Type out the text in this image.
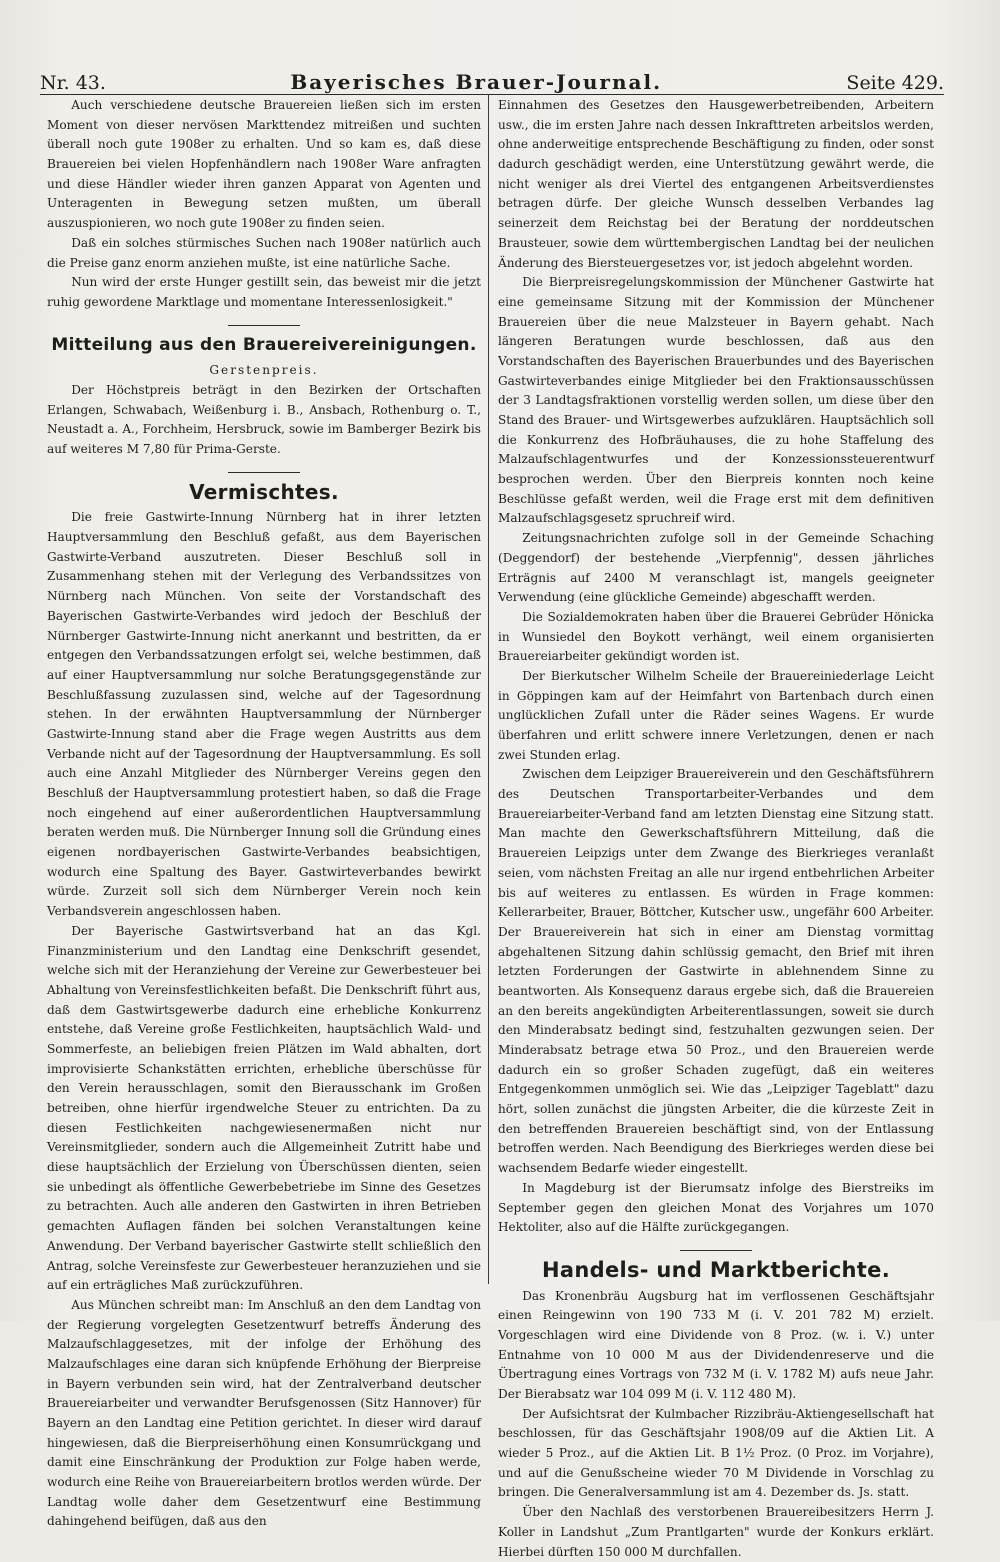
Nr. 43.	Bayerisches Brauer-Journal.	Seite 429.

Auch verschiedene deutsche Brauereien ließen sich im ersten Moment von dieser nervösen Markttendez mitreißen und suchten überall noch gute 1908er zu erhalten. Und so kam es, daß diese Brauereien bei vielen Hopfenhändlern nach 1908er Ware anfragten und diese Händler wieder ihren ganzen Apparat von Agenten und Unteragenten in Bewegung setzen mußten, um überall auszuspionieren, wo noch gute 1908er zu finden seien.

Daß ein solches stürmisches Suchen nach 1908er natürlich auch die Preise ganz enorm anziehen mußte, ist eine natürliche Sache.

Nun wird der erste Hunger gestillt sein, das beweist mir die jetzt ruhig gewordene Marktlage und momentane Interessenlosigkeit."

Mitteilung aus den Brauereivereinigungen.

Gerstenpreis.

Der Höchstpreis beträgt in den Bezirken der Ortschaften Erlangen, Schwabach, Weißenburg i. B., Ansbach, Rothenburg o. T., Neustadt a. A., Forchheim, Hersbruck, sowie im Bamberger Bezirk bis auf weiteres M 7,80 für Prima-Gerste.

Vermischtes.

Die freie Gastwirte-Innung Nürnberg hat in ihrer letzten Hauptversammlung den Beschluß gefaßt, aus dem Bayerischen Gastwirte-Verband auszutreten. Dieser Beschluß soll in Zusammenhang stehen mit der Verlegung des Verbandssitzes von Nürnberg nach München. Von seite der Vorstandschaft des Bayerischen Gastwirte-Verbandes wird jedoch der Beschluß der Nürnberger Gastwirte-Innung nicht anerkannt und bestritten, da er entgegen den Verbandssatzungen erfolgt sei, welche bestimmen, daß auf einer Hauptversammlung nur solche Beratungsgegenstände zur Beschlußfassung zuzulassen sind, welche auf der Tagesordnung stehen. In der erwähnten Hauptversammlung der Nürnberger Gastwirte-Innung stand aber die Frage wegen Austritts aus dem Verbande nicht auf der Tagesordnung der Hauptversammlung. Es soll auch eine Anzahl Mitglieder des Nürnberger Vereins gegen den Beschluß der Hauptversammlung protestiert haben, so daß die Frage noch eingehend auf einer außerordentlichen Hauptversammlung beraten werden muß. Die Nürnberger Innung soll die Gründung eines eigenen nordbayerischen Gastwirte-Verbandes beabsichtigen, wodurch eine Spaltung des Bayer. Gastwirteverbandes bewirkt würde. Zurzeit soll sich dem Nürnberger Verein noch kein Verbandsverein angeschlossen haben.

Der Bayerische Gastwirtsverband hat an das Kgl. Finanzministerium und den Landtag eine Denkschrift gesendet, welche sich mit der Heranziehung der Vereine zur Gewerbesteuer bei Abhaltung von Vereinsfestlichkeiten befaßt. Die Denkschrift führt aus, daß dem Gastwirtsgewerbe dadurch eine erhebliche Konkurrenz entstehe, daß Vereine große Festlichkeiten, hauptsächlich Wald- und Sommerfeste, an beliebigen freien Plätzen im Wald abhalten, dort improvisierte Schankstätten errichten, erhebliche überschüsse für den Verein herausschlagen, somit den Bierausschank im Großen betreiben, ohne hierfür irgendwelche Steuer zu entrichten. Da zu diesen Festlichkeiten nachgewiesenermaßen nicht nur Vereinsmitglieder, sondern auch die Allgemeinheit Zutritt habe und diese hauptsächlich der Erzielung von Überschüssen dienten, seien sie unbedingt als öffentliche Gewerbebetriebe im Sinne des Gesetzes zu betrachten. Auch alle anderen den Gastwirten in ihren Betrieben gemachten Auflagen fänden bei solchen Veranstaltungen keine Anwendung. Der Verband bayerischer Gastwirte stellt schließlich den Antrag, solche Vereinsfeste zur Gewerbesteuer heranzuziehen und sie auf ein erträgliches Maß zurückzuführen.

Aus München schreibt man: Im Anschluß an den dem Landtag von der Regierung vorgelegten Gesetzentwurf betreffs Änderung des Malzaufschlaggesetzes, mit der infolge der Erhöhung des Malzaufschlages eine daran sich knüpfende Erhöhung der Bierpreise in Bayern verbunden sein wird, hat der Zentralverband deutscher Brauereiarbeiter und verwandter Berufsgenossen (Sitz Hannover) für Bayern an den Landtag eine Petition gerichtet. In dieser wird darauf hingewiesen, daß die Bierpreiserhöhung einen Konsumrückgang und damit eine Einschränkung der Produktion zur Folge haben werde, wodurch eine Reihe von Brauereiarbeitern brotlos werden würde. Der Landtag wolle daher dem Gesetzentwurf eine Bestimmung dahingehend beifügen, daß aus den

Einnahmen des Gesetzes den Hausgewerbetreibenden, Arbeitern usw., die im ersten Jahre nach dessen Inkrafttreten arbeitslos werden, ohne anderweitige entsprechende Beschäftigung zu finden, oder sonst dadurch geschädigt werden, eine Unterstützung gewährt werde, die nicht weniger als drei Viertel des entgangenen Arbeitsverdienstes betragen dürfe. Der gleiche Wunsch desselben Verbandes lag seinerzeit dem Reichstag bei der Beratung der norddeutschen Brausteuer, sowie dem württembergischen Landtag bei der neulichen Änderung des Biersteuergesetzes vor, ist jedoch abgelehnt worden.

Die Bierpreisregelungskommission der Münchener Gastwirte hat eine gemeinsame Sitzung mit der Kommission der Münchener Brauereien über die neue Malzsteuer in Bayern gehabt. Nach längeren Beratungen wurde beschlossen, daß aus den Vorstandschaften des Bayerischen Brauerbundes und des Bayerischen Gastwirteverbandes einige Mitglieder bei den Fraktionsausschüssen der 3 Landtagsfraktionen vorstellig werden sollen, um diese über den Stand des Brauer- und Wirtsgewerbes aufzuklären. Hauptsächlich soll die Konkurrenz des Hofbräuhauses, die zu hohe Staffelung des Malzaufschlagentwurfes und der Konzessionssteuerentwurf besprochen werden. Über den Bierpreis konnten noch keine Beschlüsse gefaßt werden, weil die Frage erst mit dem definitiven Malzaufschlagsgesetz spruchreif wird.

Zeitungsnachrichten zufolge soll in der Gemeinde Schaching (Deggendorf) der bestehende „Vierpfennig", dessen jährliches Erträgnis auf 2400 M veranschlagt ist, mangels geeigneter Verwendung (eine glückliche Gemeinde) abgeschafft werden.

Die Sozialdemokraten haben über die Brauerei Gebrüder Hönicka in Wunsiedel den Boykott verhängt, weil einem organisierten Brauereiarbeiter gekündigt worden ist.

Der Bierkutscher Wilhelm Scheile der Brauereiniederlage Leicht in Göppingen kam auf der Heimfahrt von Bartenbach durch einen unglücklichen Zufall unter die Räder seines Wagens. Er wurde überfahren und erlitt schwere innere Verletzungen, denen er nach zwei Stunden erlag.

Zwischen dem Leipziger Brauereiverein und den Geschäftsführern des Deutschen Transportarbeiter-Verbandes und dem Brauereiarbeiter-Verband fand am letzten Dienstag eine Sitzung statt. Man machte den Gewerkschaftsführern Mitteilung, daß die Brauereien Leipzigs unter dem Zwange des Bierkrieges veranlaßt seien, vom nächsten Freitag an alle nur irgend entbehrlichen Arbeiter bis auf weiteres zu entlassen. Es würden in Frage kommen: Kellerarbeiter, Brauer, Böttcher, Kutscher usw., ungefähr 600 Arbeiter. Der Brauereiverein hat sich in einer am Dienstag vormittag abgehaltenen Sitzung dahin schlüssig gemacht, den Brief mit ihren letzten Forderungen der Gastwirte in ablehnendem Sinne zu beantworten. Als Konsequenz daraus ergebe sich, daß die Brauereien an den bereits angekündigten Arbeiterentlassungen, soweit sie durch den Minderabsatz bedingt sind, festzuhalten gezwungen seien. Der Minderabsatz betrage etwa 50 Proz., und den Brauereien werde dadurch ein so großer Schaden zugefügt, daß ein weiteres Entgegenkommen unmöglich sei. Wie das „Leipziger Tageblatt" dazu hört, sollen zunächst die jüngsten Arbeiter, die die kürzeste Zeit in den betreffenden Brauereien beschäftigt sind, von der Entlassung betroffen werden. Nach Beendigung des Bierkrieges werden diese bei wachsendem Bedarfe wieder eingestellt.

In Magdeburg ist der Bierumsatz infolge des Bierstreiks im September gegen den gleichen Monat des Vorjahres um 1070 Hektoliter, also auf die Hälfte zurückgegangen.

Handels- und Marktberichte.

Das Kronenbräu Augsburg hat im verflossenen Geschäftsjahr einen Reingewinn von 190 733 M (i. V. 201 782 M) erzielt. Vorgeschlagen wird eine Dividende von 8 Proz. (w. i. V.) unter Entnahme von 10 000 M aus der Dividendenreserve und die Übertragung eines Vortrags von 732 M (i. V. 1782 M) aufs neue Jahr. Der Bierabsatz war 104 099 M (i. V. 112 480 M).

Der Aufsichtsrat der Kulmbacher Rizzibräu-Aktiengesellschaft hat beschlossen, für das Geschäftsjahr 1908/09 auf die Aktien Lit. A wieder 5 Proz., auf die Aktien Lit. B 1½ Proz. (0 Proz. im Vorjahre), und auf die Genußscheine wieder 70 M Dividende in Vorschlag zu bringen. Die Generalversammlung ist am 4. Dezember ds. Js. statt.

Über den Nachlaß des verstorbenen Brauereibesitzers Herrn J. Koller in Landshut „Zum Prantlgarten" wurde der Konkurs erklärt. Hierbei dürften 150 000 M durchfallen.
